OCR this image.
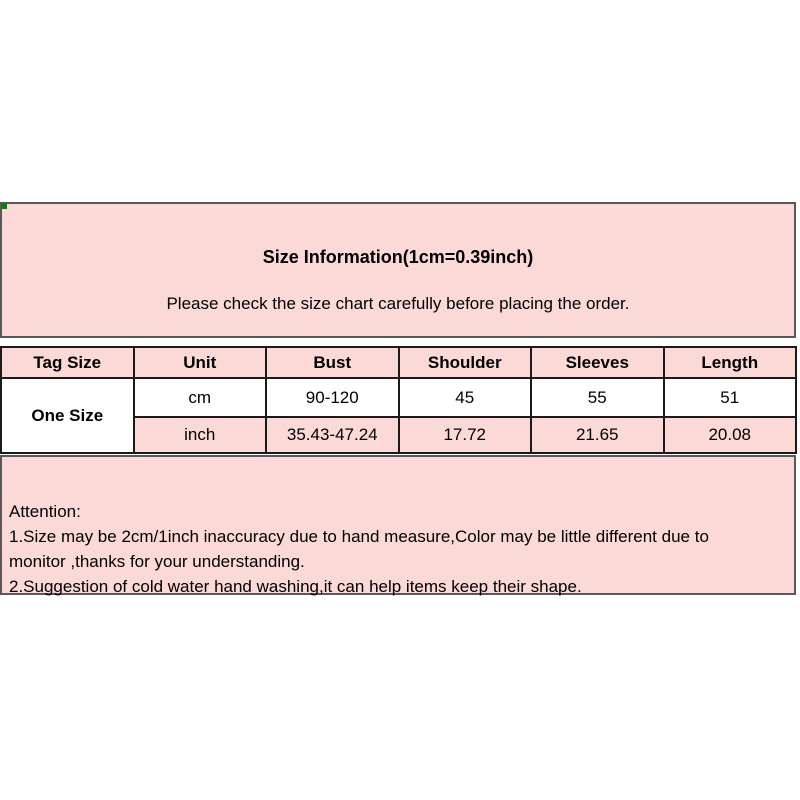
Size Information(1cm=0.39inch)
Please check the size chart carefully before placing the order.
Tag Size	Unit	Bust	Shoulder	Sleeves	Length
One Size	cm	90-120	45	55	51
	inch	35.43-47.24	17.72	21.65	20.08
Attention:
1.Size may be 2cm/1inch inaccuracy due to hand measure,Color may be little different due to
monitor ,thanks for your understanding.
2.Suggestion of cold water hand washing,it can help items keep their shape.
